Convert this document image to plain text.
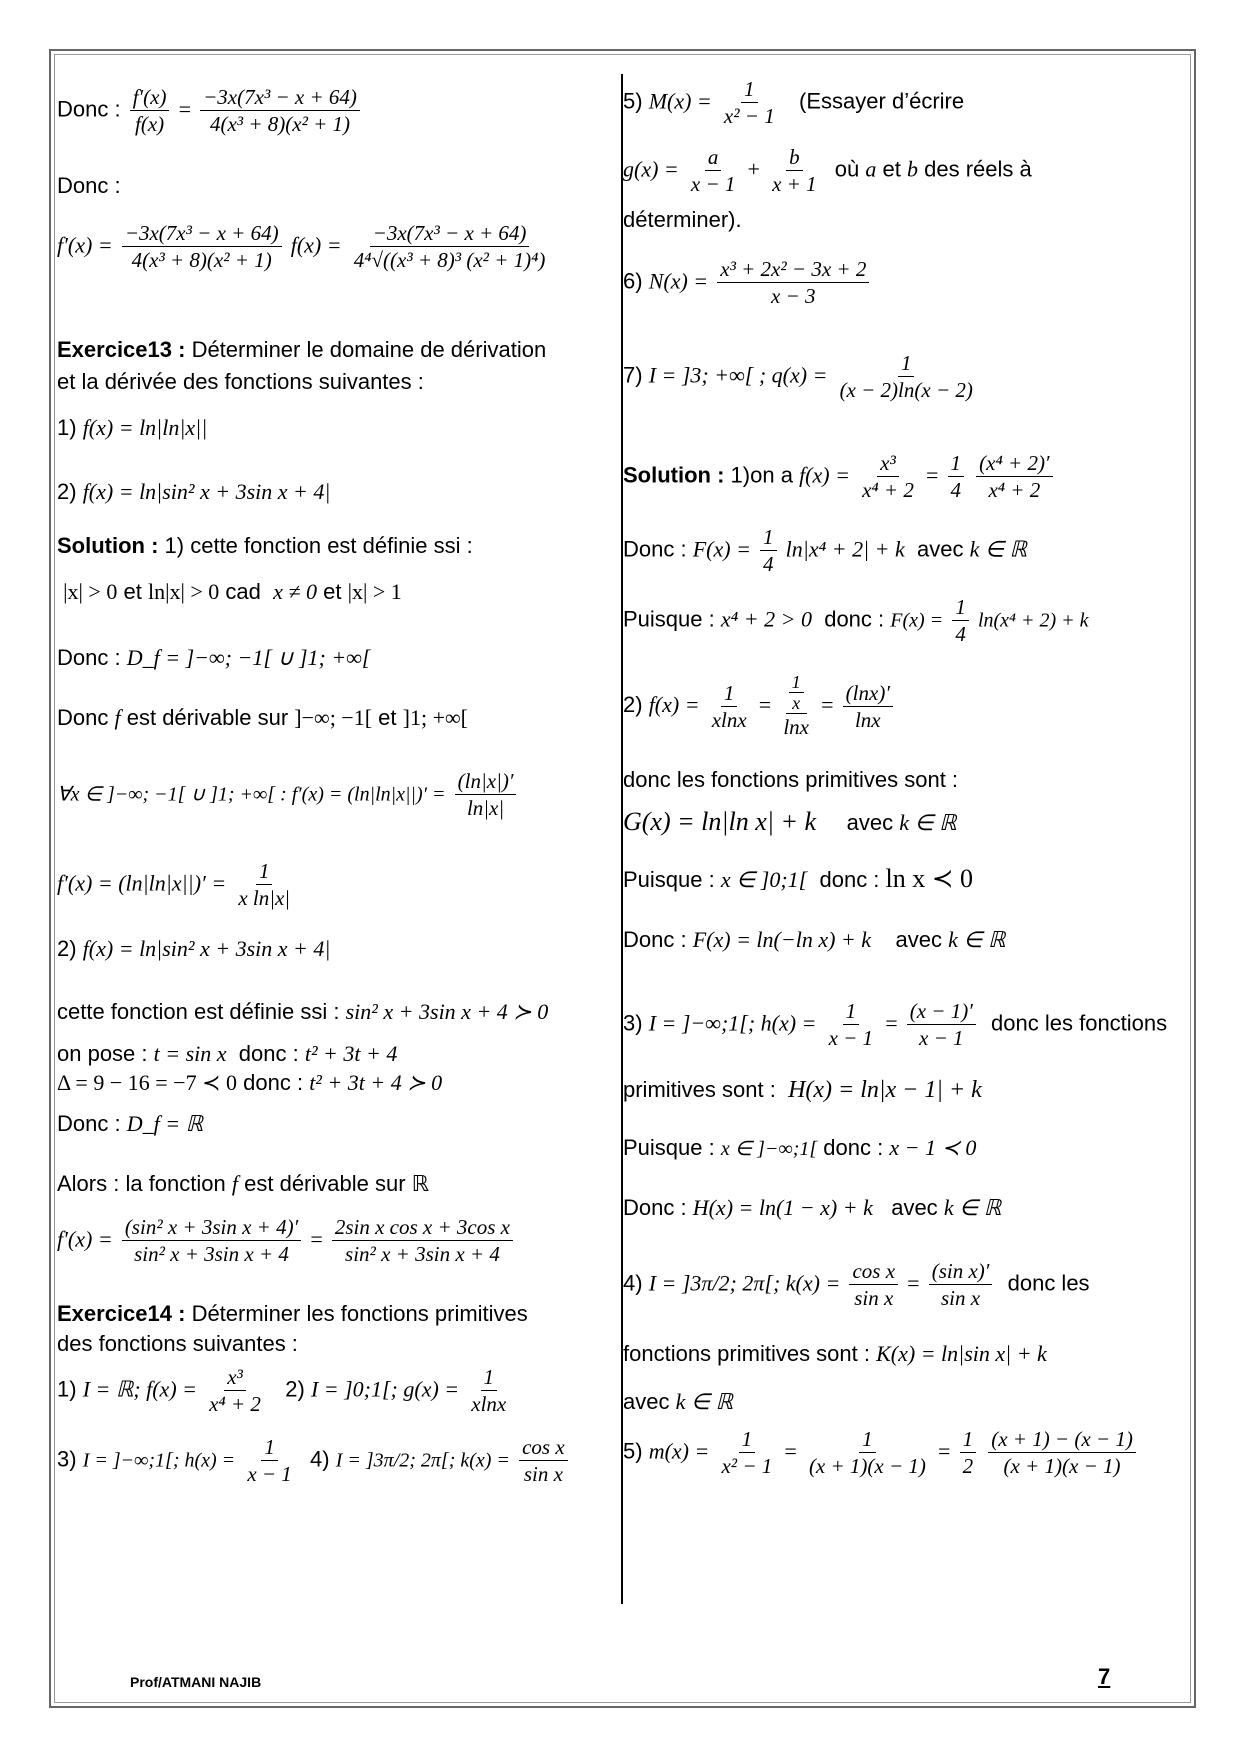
Donc : $\frac{f'(x)}{f(x)} = \frac{\text{−3x(7x³ − x + 64)}}{\text{4(x³ + 8)(x² + 1)}}$
Donc :
$f'(x) = \frac{\text{−3x(7x³ − x + 64)}}{\text{4(x³ + 8)(x² + 1)}} f(x) = \frac{\text{−3x(7x³ − x + 64)}}{\text{4⁴√((x³ + 8)³ (x² + 1)⁴)}}$
Exercice13 : Déterminer le domaine de dérivation
et la dérivée des fonctions suivantes :
1) f(x) = ln|ln|x||
2) f(x) = ln|sin² x + 3sin x + 4|
Solution : 1) cette fonction est définie ssi :
|x| > 0 et ln|x| > 0 cad x ≠ 0 et |x| > 1
Donc : D_f = ]−∞; −1[ ∪ ]1; +∞[
Donc f est dérivable sur ]−∞; −1[ et ]1; +∞[
∀x ∈ ]−∞; −1[ ∪ ]1; +∞[ : $f'(x) = (\ln|\ln|x||)' = \frac{(\ln|x|)'}{\ln|x|}$
$f'(x) = (\ln|\ln|x||)' = \frac{1}{\text{x ln|x|}}$
2) f(x) = ln|sin² x + 3sin x + 4|
cette fonction est définie ssi : sin² x + 3sin x + 4 ≻ 0
on pose : t = sin x donc : t² + 3t + 4
Δ = 9 − 16 = −7 ≺ 0 donc : t² + 3t + 4 ≻ 0
Donc : D_f = ℝ
Alors : la fonction f est dérivable sur ℝ
$f'(x) = \frac{\text{(sin² x + 3sin x + 4)′}}{\text{sin² x + 3sin x + 4}} = \frac{\text{2sin x cos x + 3cos x}}{\text{sin² x + 3sin x + 4}}$
Exercice14 : Déterminer les fonctions primitives
des fonctions suivantes :
1) I = ℝ; $f(x) = \frac{\text{x³}}{\text{x⁴ + 2}} 2$) I = ]0;1[; $g(x) = \frac{1}{xlnx}$
3) I = ]−∞;1[; $h(x) = \frac{1}{x - 1} 4$) I = ]3π/2; 2π[; $k(x) = \frac{\text{cos x}}{\text{sin x}}$
5) $M(x) = \frac{1}{\text{x² − 1}}$ (Essayer d’écrire
$g(x) = \frac{a}{x - 1} + \frac{b}{x + 1}$ où a et b des réels à
déterminer).
6) $N(x) = \frac{\text{x³ + 2x² − 3x + 2}}{x - 3}$
7) I = ]3; +∞[ ; $q(x) = \frac{1}{(x - 2)\ln(x - 2)}$
Solution : 1)on a $f(x) = \frac{\text{x³}}{\text{x⁴ + 2}} = \frac{1}{4}$
$\frac{\text{(x⁴ + 2)′}}{\text{x⁴ + 2}}$
Donc : $F(x) = \frac{1}{4} \ln|x^4 + 2| + k$ avec k ∈ ℝ
Puisque : x⁴ + 2 > 0 donc : $F(x) = \frac{1}{4} \ln(x^4 + 2) + k$
2) $f(x) = \frac{1}{xlnx} = \frac{\frac{1}{x}}{\ln x} = \frac{(\ln x)'}{\ln x}$
donc les fonctions primitives sont :
G(x) = ln|ln x| + k avec k ∈ ℝ
Puisque : x ∈ ]0;1[ donc : ln x ≺ 0
Donc : F(x) = ln(−ln x) + k avec k ∈ ℝ
3) I = ]−∞;1[; $h(x) = \frac{1}{x - 1} = \frac{(x - 1)'}{x - 1}$ donc les fonctions
primitives sont : H(x) = ln|x − 1| + k
Puisque : x ∈ ]−∞;1[ donc : x − 1 ≺ 0
Donc : H(x) = ln(1 − x) + k avec k ∈ ℝ
4) I = ]3π/2; 2π[; $k(x) = \frac{\text{cos x}}{\text{sin x}} = \frac{\text{(sin x)′}}{\text{sin x}}$ donc les
fonctions primitives sont : K(x) = ln|sin x| + k
avec k ∈ ℝ
5) $m(x) = \frac{1}{\text{x² − 1}} = \frac{1}{(x + 1)(x - 1)} = \frac{1}{2}$
$\frac{(x + 1) - (x - 1)}{(x + 1)(x - 1)}$
Prof/ATMANI NAJIB	7
